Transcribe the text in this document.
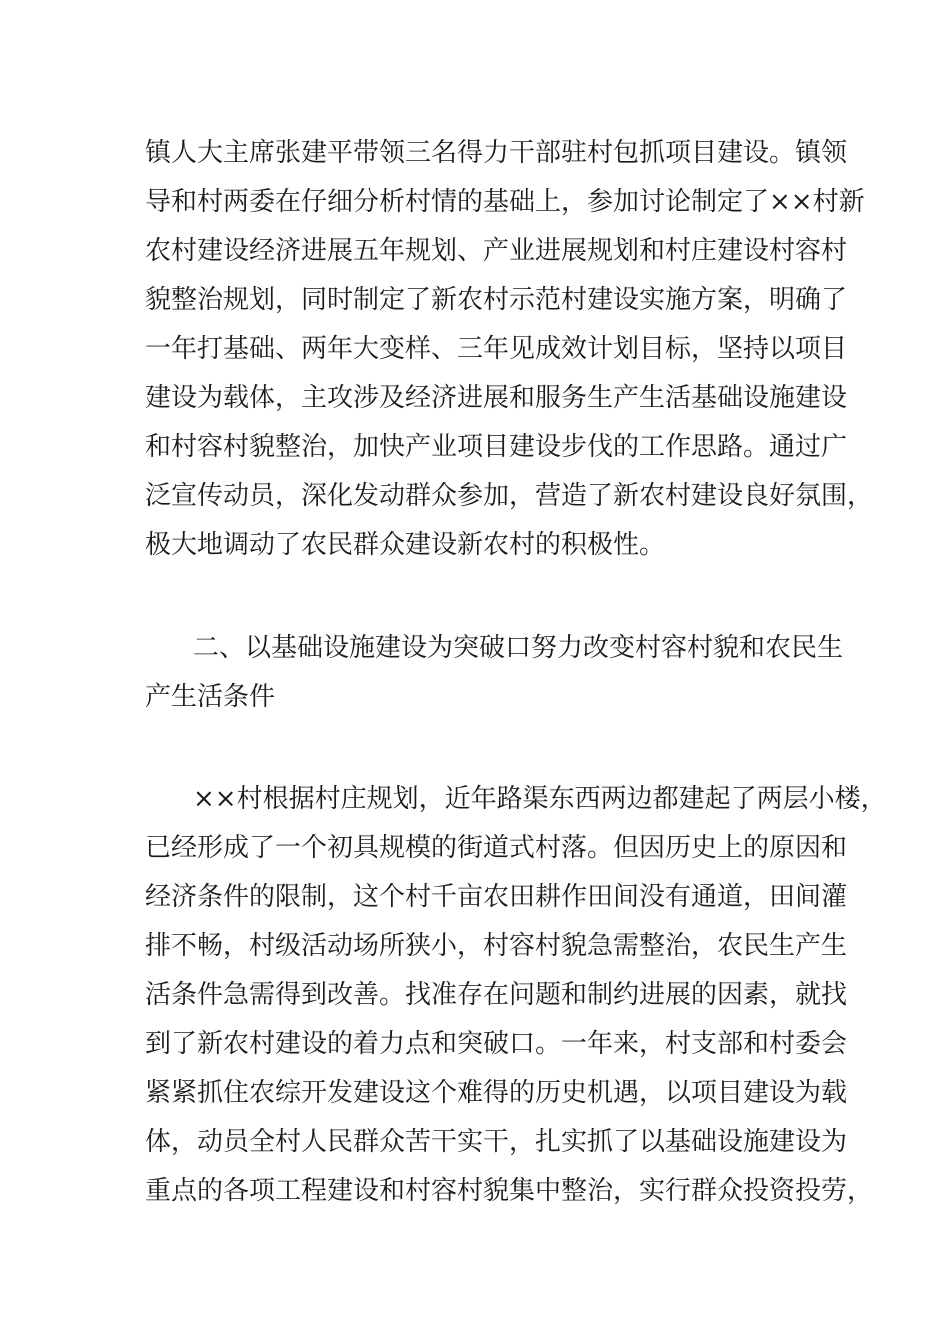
镇人大主席张建平带领三名得力干部驻村包抓项目建设。镇领
导和村两委在仔细分析村情的基础上，参加讨论制定了××村新
农村建设经济进展五年规划、产业进展规划和村庄建设村容村
貌整治规划，同时制定了新农村示范村建设实施方案，明确了
一年打基础、两年大变样、三年见成效计划目标，坚持以项目
建设为载体，主攻涉及经济进展和服务生产生活基础设施建设
和村容村貌整治，加快产业项目建设步伐的工作思路。通过广
泛宣传动员，深化发动群众参加，营造了新农村建设良好氛围，
极大地调动了农民群众建设新农村的积极性。
二、以基础设施建设为突破口努力改变村容村貌和农民生
产生活条件
××村根据村庄规划，近年路渠东西两边都建起了两层小楼，
已经形成了一个初具规模的街道式村落。但因历史上的原因和
经济条件的限制，这个村千亩农田耕作田间没有通道，田间灌
排不畅，村级活动场所狭小，村容村貌急需整治，农民生产生
活条件急需得到改善。找准存在问题和制约进展的因素，就找
到了新农村建设的着力点和突破口。一年来，村支部和村委会
紧紧抓住农综开发建设这个难得的历史机遇，以项目建设为载
体，动员全村人民群众苦干实干，扎实抓了以基础设施建设为
重点的各项工程建设和村容村貌集中整治，实行群众投资投劳，
